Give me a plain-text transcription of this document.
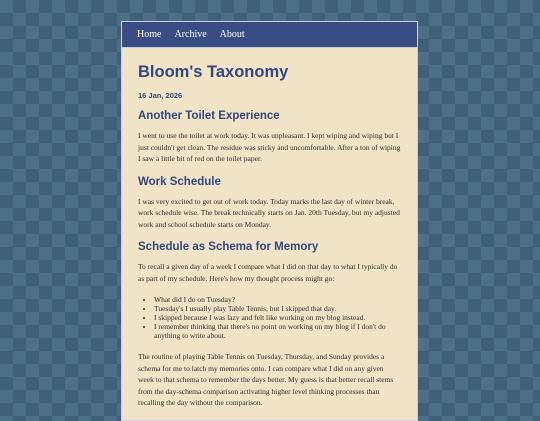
Home Archive About
Bloom's Taxonomy
16 Jan, 2026
Another Toilet Experience

I went to use the toilet at work today. It was unpleasant. I kept wiping and wiping but I just couldn't get clean. The residue was sticky and uncomfortable. After a ton of wiping I saw a little bit of red on the toilet paper.

Work Schedule

I was very excited to get out of work today. Today marks the last day of winter break, work schedule wise. The break technically starts on Jan. 20th Tuesday, but my adjusted work and school schedule starts on Monday.

Schedule as Schema for Memory

To recall a given day of a week I compare what I did on that day to what I typically do as part of my schedule. Here's how my thought process might go:

• What did I do on Tuesday?
• Tuesday's I usually play Table Tennis, but I skipped that day.
• I skipped because I was lazy and felt like working on my blog instead.
• I remember thinking that there's no point on working on my blog if I don't do anything to write about.

The routine of playing Table Tennis on Tuesday, Thursday, and Sunday provides a schema for me to latch my memories onto. I can compare what I did on any given week to that schema to remember the days better. My guess is that better recall stems from the day-schema comparison activating higher level thinking processes than recalling the day without the comparison.
